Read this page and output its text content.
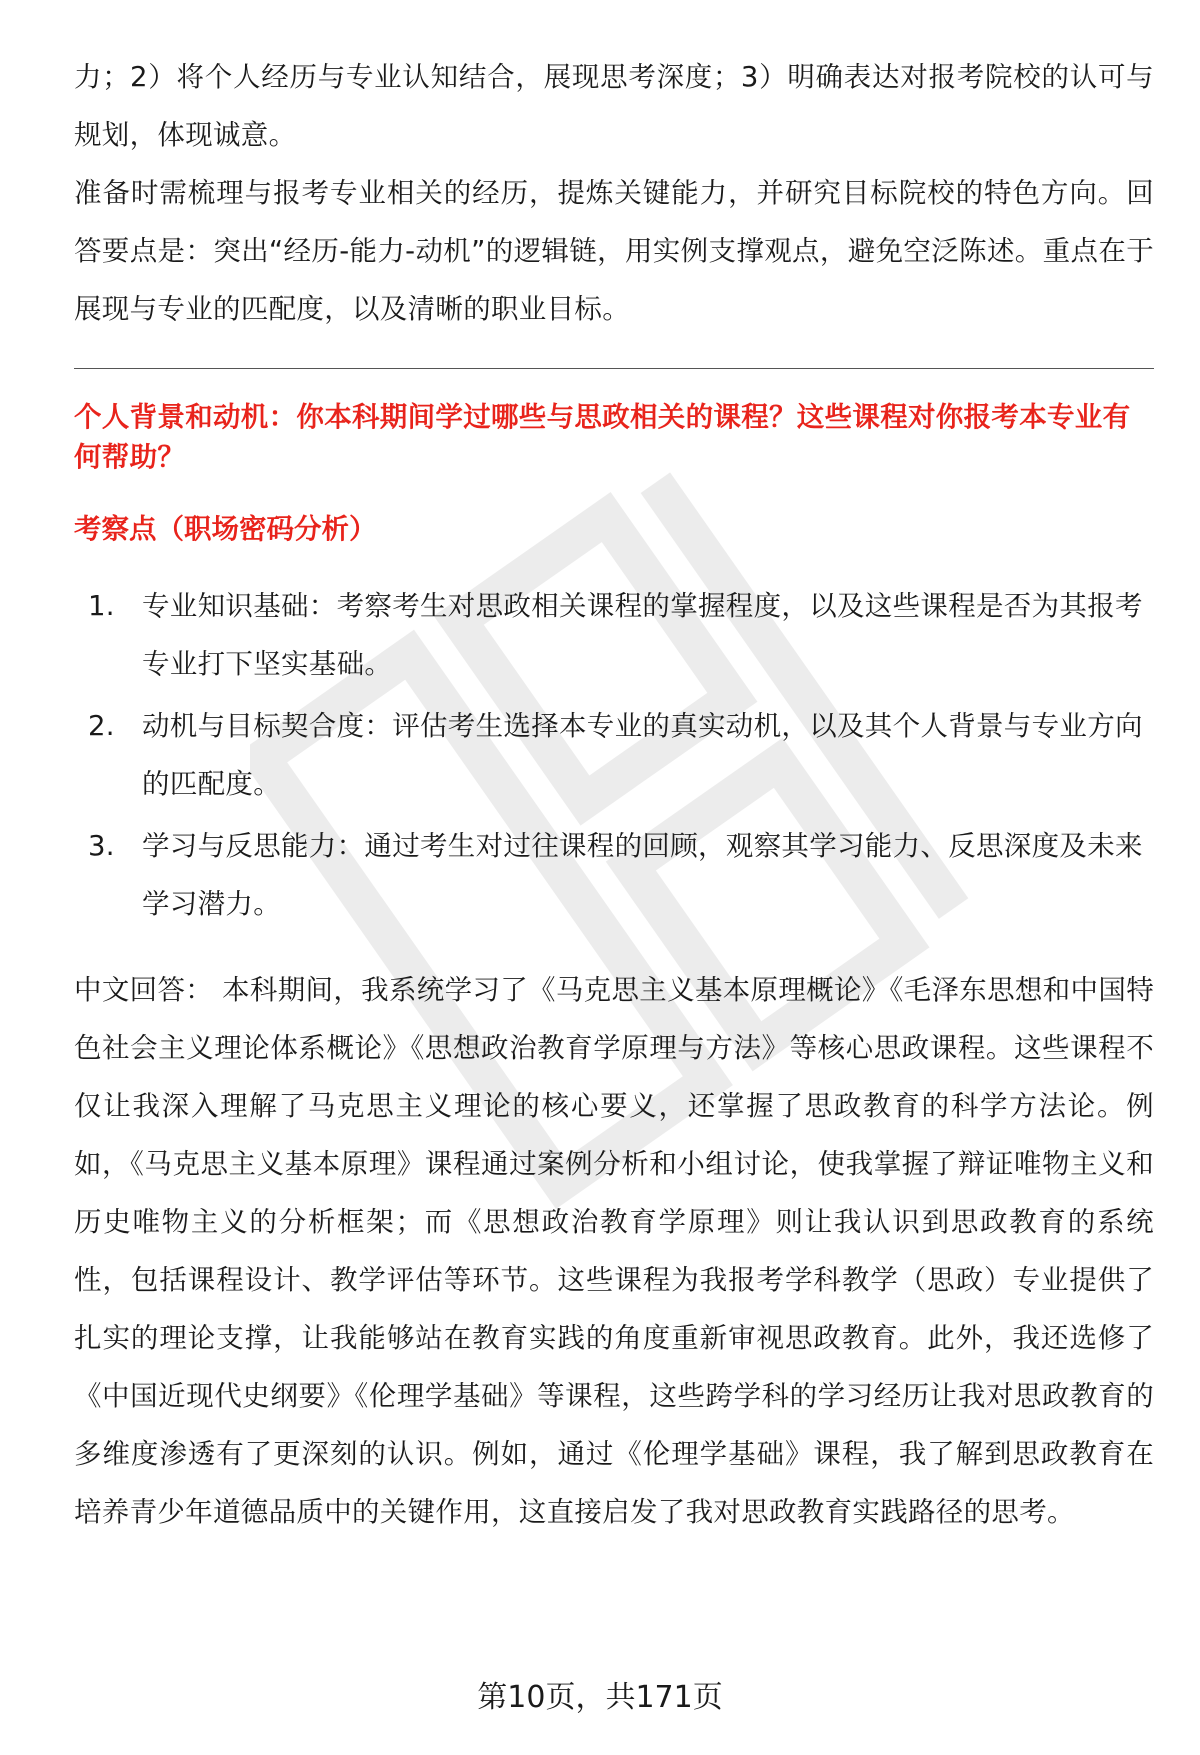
力；2）将个人经历与专业认知结合，展现思考深度；3）明确表达对报考院校的认可与规划，体现诚意。

准备时需梳理与报考专业相关的经历，提炼关键能力，并研究目标院校的特色方向。回答要点是：突出“经历-能力-动机”的逻辑链，用实例支撑观点，避免空泛陈述。重点在于展现与专业的匹配度，以及清晰的职业目标。

个人背景和动机：你本科期间学过哪些与思政相关的课程？这些课程对你报考本专业有何帮助？

考察点（职场密码分析）
1. 专业知识基础：考察考生对思政相关课程的掌握程度，以及这些课程是否为其报考专业打下坚实基础。
2. 动机与目标契合度：评估考生选择本专业的真实动机，以及其个人背景与专业方向的匹配度。
3. 学习与反思能力：通过考生对过往课程的回顾，观察其学习能力、反思深度及未来学习潜力。

中文回答： 本科期间，我系统学习了《马克思主义基本原理概论》《毛泽东思想和中国特色社会主义理论体系概论》《思想政治教育学原理与方法》等核心思政课程。这些课程不仅让我深入理解了马克思主义理论的核心要义，还掌握了思政教育的科学方法论。例如，《马克思主义基本原理》课程通过案例分析和小组讨论，使我掌握了辩证唯物主义和历史唯物主义的分析框架；而《思想政治教育学原理》则让我认识到思政教育的系统性，包括课程设计、教学评估等环节。这些课程为我报考学科教学（思政）专业提供了扎实的理论支撑，让我能够站在教育实践的角度重新审视思政教育。此外，我还选修了《中国近现代史纲要》《伦理学基础》等课程，这些跨学科的学习经历让我对思政教育的多维度渗透有了更深刻的认识。例如，通过《伦理学基础》课程，我了解到思政教育在培养青少年道德品质中的关键作用，这直接启发了我对思政教育实践路径的思考。

第10页，共171页
